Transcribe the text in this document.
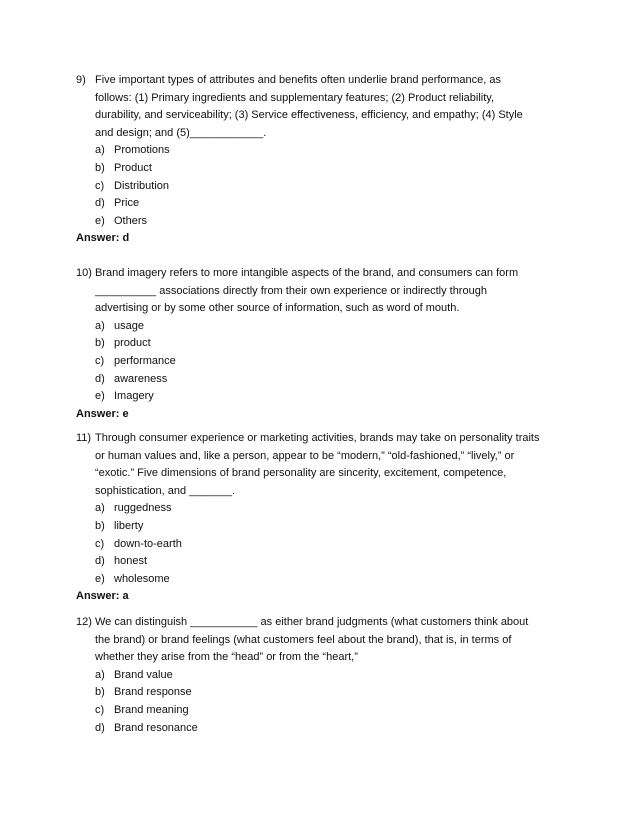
9) Five important types of attributes and benefits often underlie brand performance, as
follows: (1) Primary ingredients and supplementary features; (2) Product reliability,
durability, and serviceability; (3) Service effectiveness, efficiency, and empathy; (4) Style
and design; and (5)____________.
a) Promotions
b) Product
c) Distribution
d) Price
e) Others
Answer: d
10) Brand imagery refers to more intangible aspects of the brand, and consumers can form
__________ associations directly from their own experience or indirectly through
advertising or by some other source of information, such as word of mouth.
a) usage
b) product
c) performance
d) awareness
e) Imagery
Answer: e
11) Through consumer experience or marketing activities, brands may take on personality traits
or human values and, like a person, appear to be “modern,” “old-fashioned,” “lively,” or
“exotic.” Five dimensions of brand personality are sincerity, excitement, competence,
sophistication, and _______.
a) ruggedness
b) liberty
c) down-to-earth
d) honest
e) wholesome
Answer: a
12) We can distinguish ___________ as either brand judgments (what customers think about
the brand) or brand feelings (what customers feel about the brand), that is, in terms of
whether they arise from the “head” or from the “heart,”
a) Brand value
b) Brand response
c) Brand meaning
d) Brand resonance
